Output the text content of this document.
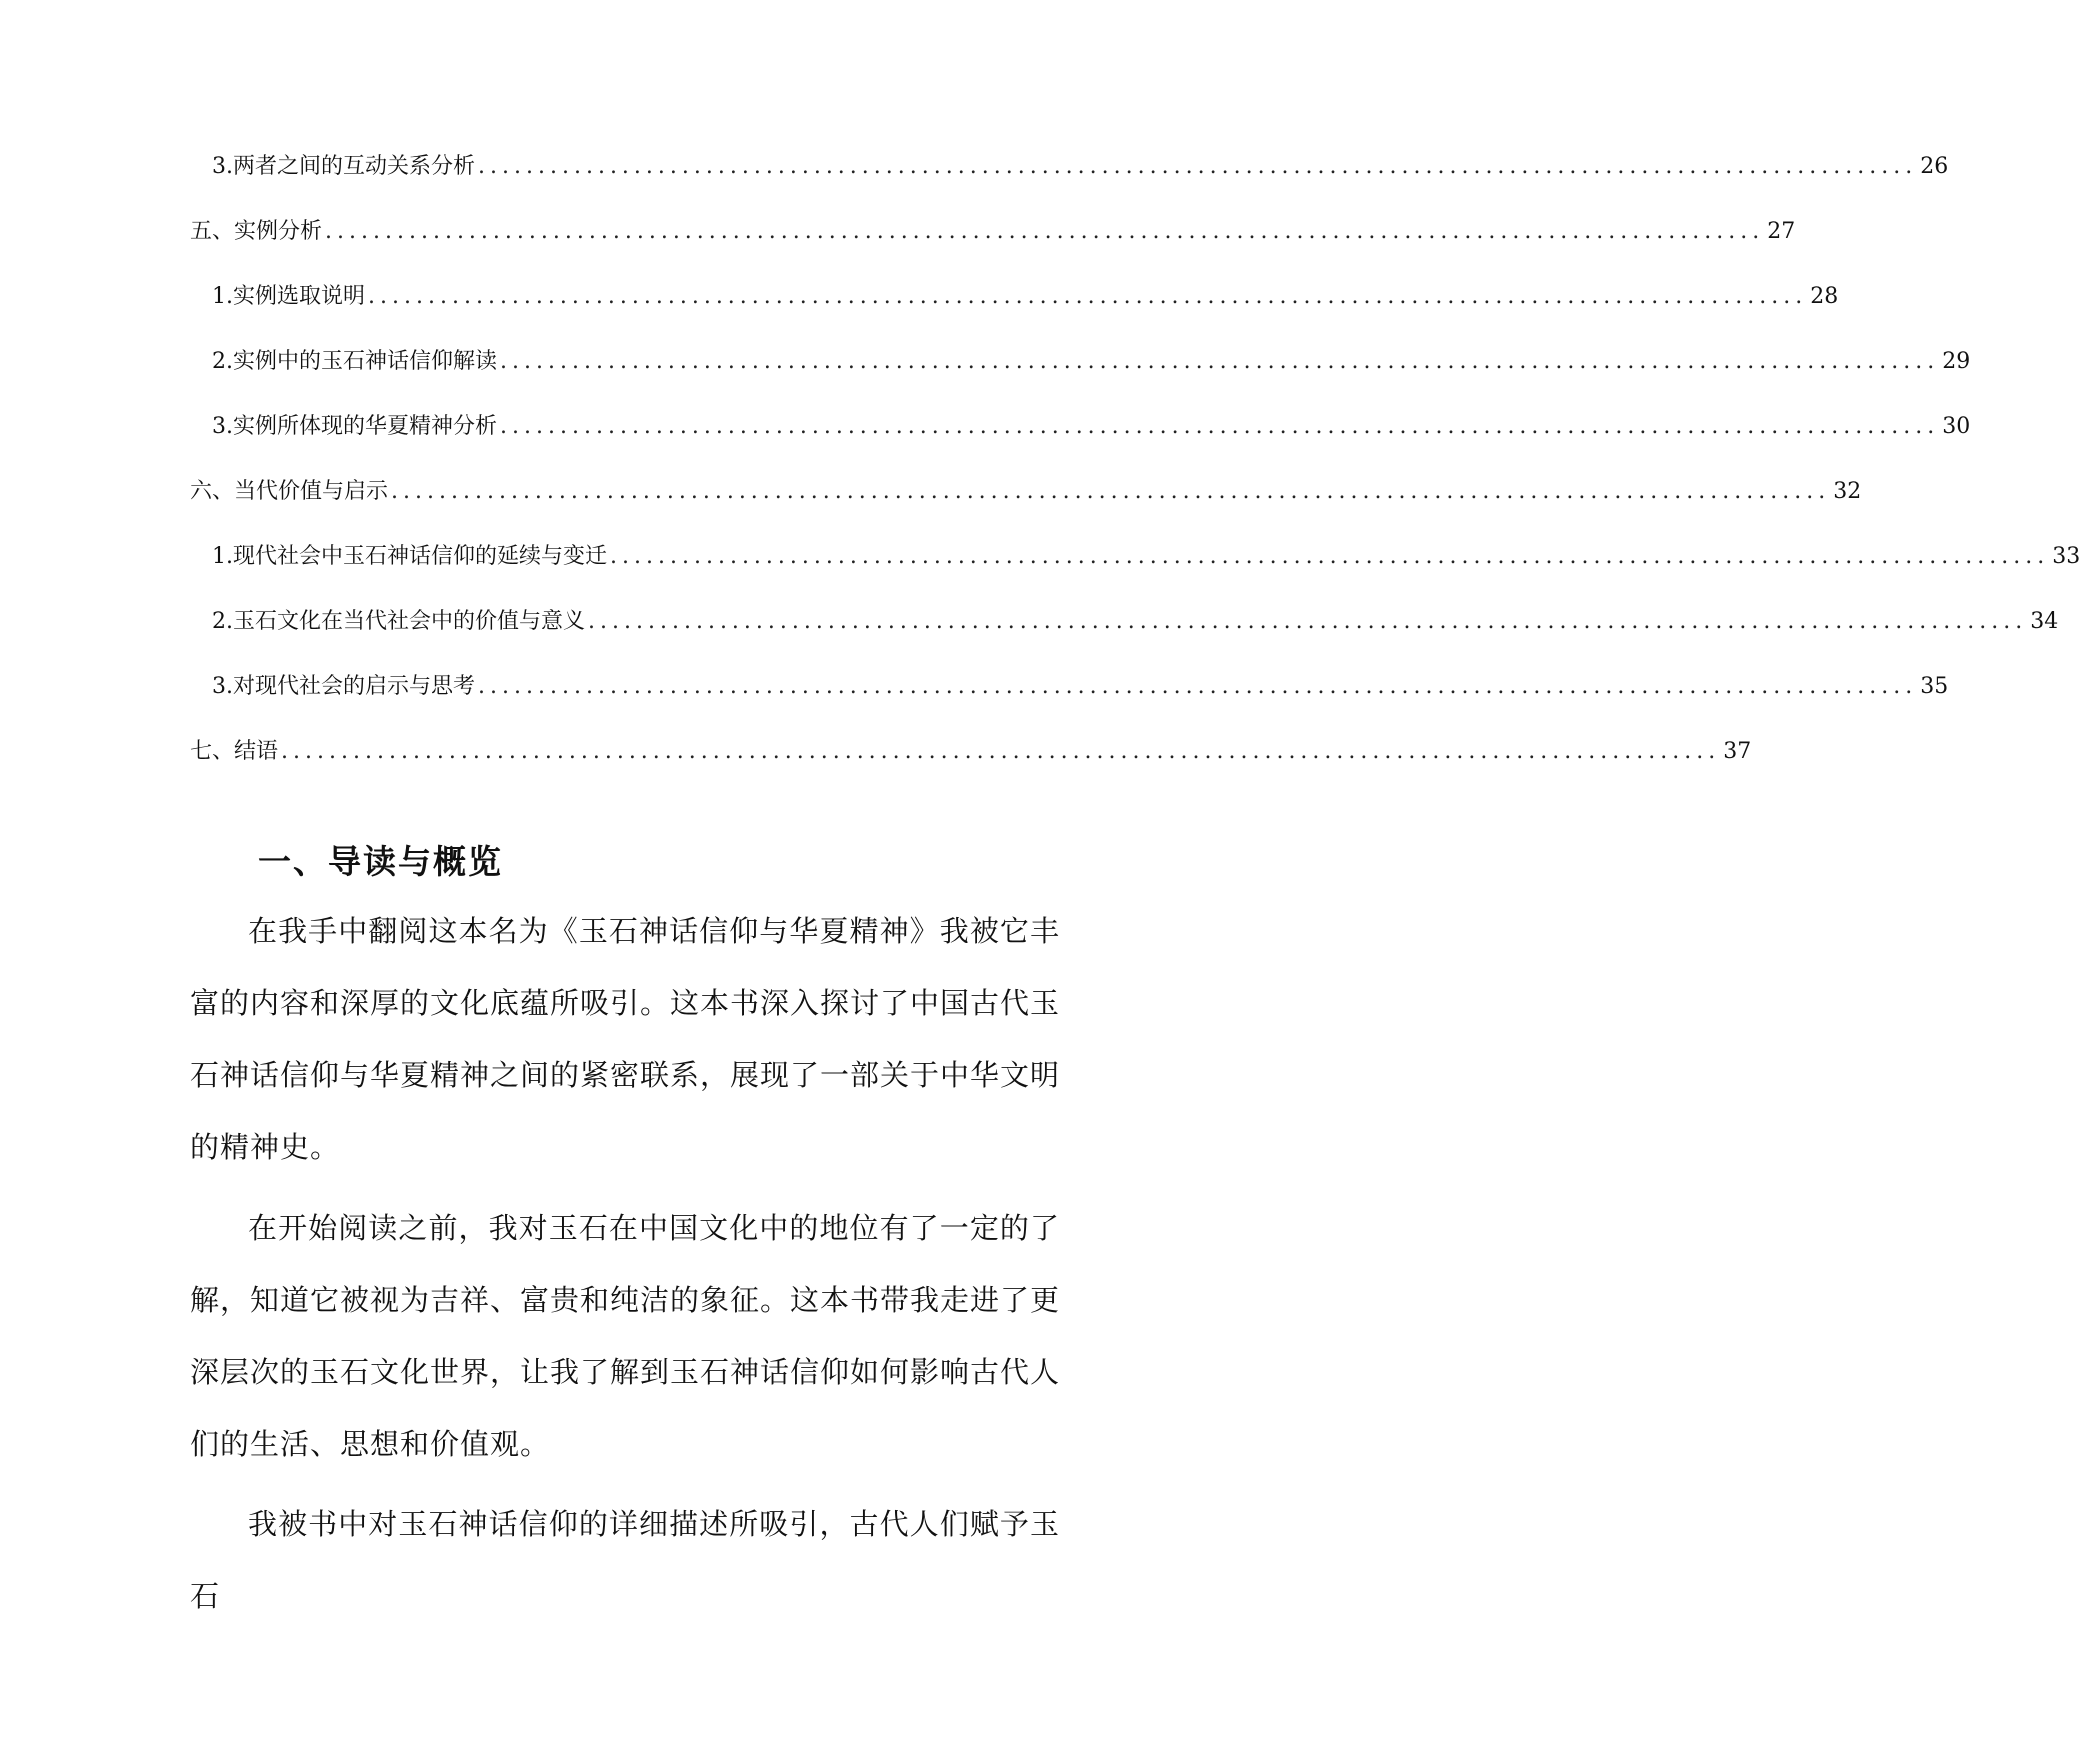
3. 两者之间的互动关系分析 ........................................................................................................................ 26
五、实例分析 ........................................................................................................................ 27
1. 实例选取说明 ........................................................................................................................ 28
2. 实例中的玉石神话信仰解读 ........................................................................................................................ 29
3. 实例所体现的华夏精神分析 ........................................................................................................................ 30
六、当代价值与启示 ........................................................................................................................ 32
1. 现代社会中玉石神话信仰的延续与变迁 ........................................................................................................................ 33
2. 玉石文化在当代社会中的价值与意义 ........................................................................................................................ 34
3. 对现代社会的启示与思考 ........................................................................................................................ 35
七、结语 ........................................................................................................................ 37
一、导读与概览

在我手中翻阅这本名为《玉石神话信仰与华夏精神》我被它丰富的内容和深厚的文化底蕴所吸引。这本书深入探讨了中国古代玉石神话信仰与华夏精神之间的紧密联系，展现了一部关于中华文明的精神史。

在开始阅读之前，我对玉石在中国文化中的地位有了一定的了解，知道它被视为吉祥、富贵和纯洁的象征。这本书带我走进了更深层次的玉石文化世界，让我了解到玉石神话信仰如何影响古代人们的生活、思想和价值观。

我被书中对玉石神话信仰的详细描述所吸引，古代人们赋予玉石
